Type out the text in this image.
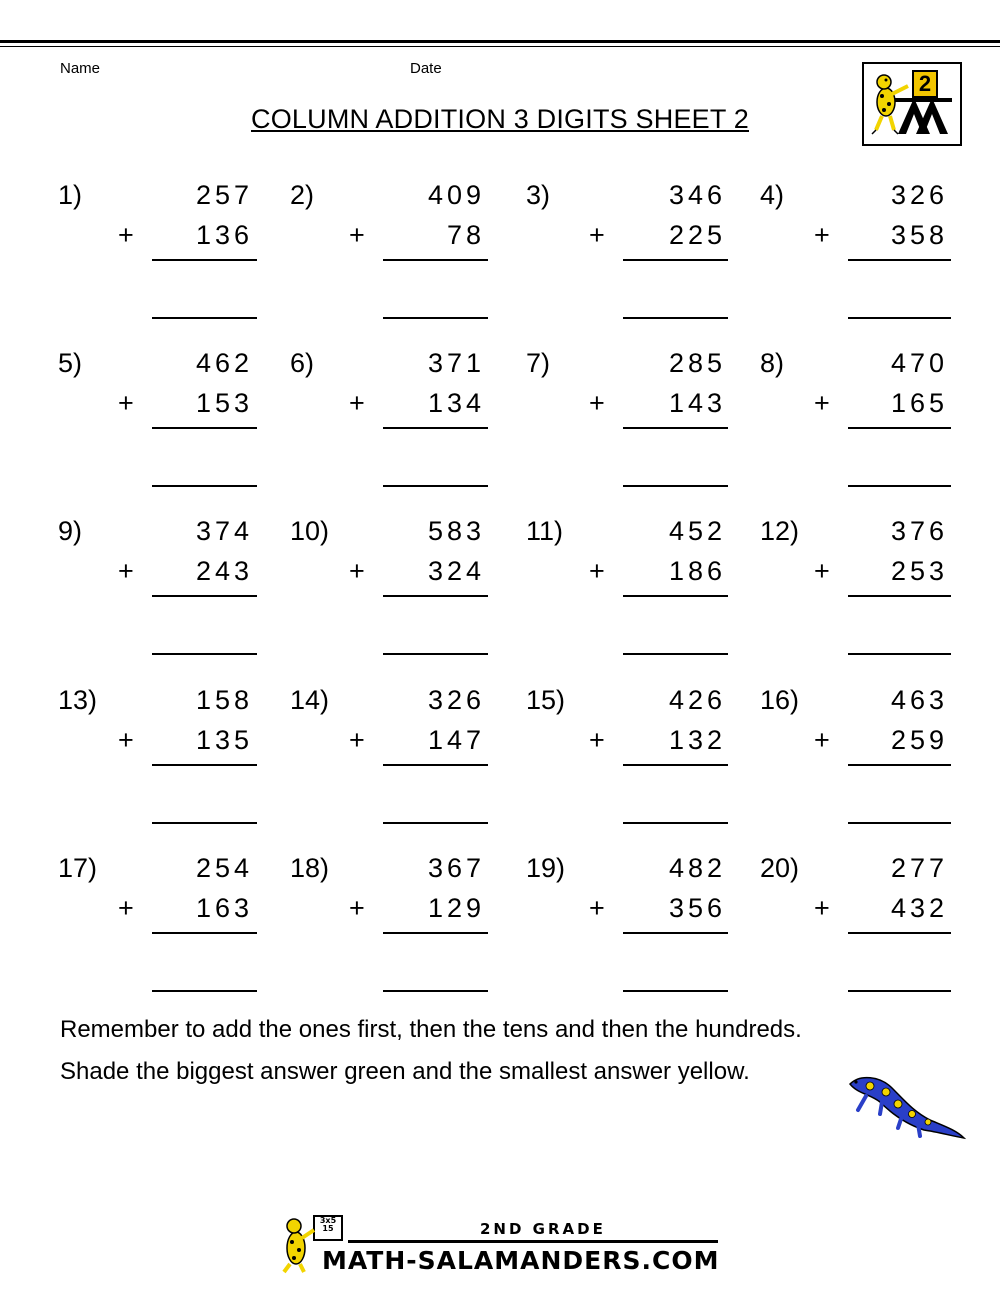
Name	Date
COLUMN ADDITION 3 DIGITS SHEET 2
2
1)	257
+ 136
2)	409
+	78
3)	346
+ 225
4)	326
+ 358
5)	462
+ 153
6)	371
+ 134
7)	285
+ 143
8)	470
+ 165
9)	374
+ 243
10)	583
+ 324
11)	452
+ 186
12)	376
+ 253
13)	158
+ 135
14)	326
+ 147
15)	426
+ 132
16)	463
+ 259
17)	254
+ 163
18)	367
+ 129
19)	482
+ 356
20)	277
+ 432
Remember to add the ones first, then the tens and then the hundreds.
Shade the biggest answer green and the smallest answer yellow.
3x5 15	2ND GRADE
MATH-SALAMANDERS.COM
